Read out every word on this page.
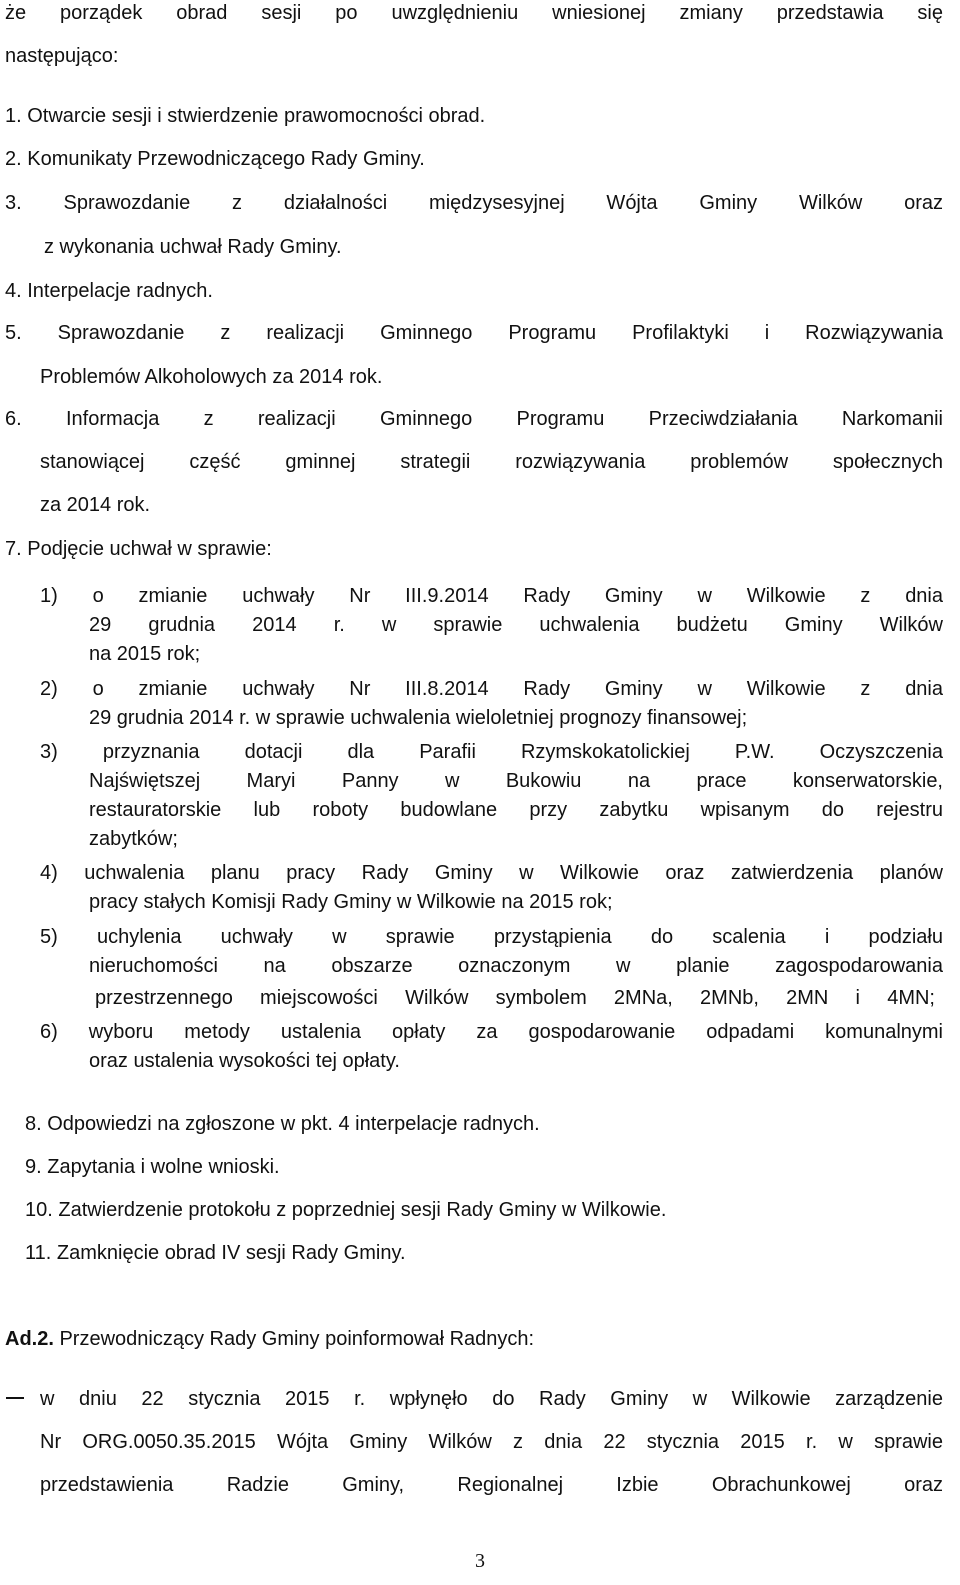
że porządek obrad sesji po uwzględnieniu wniesionej zmiany przedstawia się
następująco:
1. Otwarcie sesji i stwierdzenie prawomocności obrad.
2. Komunikaty Przewodniczącego Rady Gminy.
3. Sprawozdanie z działalności międzysesyjnej Wójta Gminy Wilków oraz
z wykonania uchwał Rady Gminy.
4. Interpelacje radnych.
5. Sprawozdanie z realizacji Gminnego Programu Profilaktyki i Rozwiązywania
Problemów Alkoholowych za 2014 rok.
6. Informacja z realizacji Gminnego Programu Przeciwdziałania Narkomanii
stanowiącej część gminnej strategii rozwiązywania problemów społecznych
za 2014 rok.
7. Podjęcie uchwał w sprawie:
1) o zmianie uchwały Nr III.9.2014 Rady Gminy w Wilkowie z dnia
29 grudnia 2014 r. w sprawie uchwalenia budżetu Gminy Wilków
na 2015 rok;
2) o zmianie uchwały Nr III.8.2014 Rady Gminy w Wilkowie z dnia
29 grudnia 2014 r. w sprawie uchwalenia wieloletniej prognozy finansowej;
3) przyznania dotacji dla Parafii Rzymskokatolickiej P.W. Oczyszczenia
Najświętszej Maryi Panny w Bukowiu na prace konserwatorskie,
restauratorskie lub roboty budowlane przy zabytku wpisanym do rejestru
zabytków;
4) uchwalenia planu pracy Rady Gminy w Wilkowie oraz zatwierdzenia planów
pracy stałych Komisji Rady Gminy w Wilkowie na 2015 rok;
5) uchylenia uchwały w sprawie przystąpienia do scalenia i podziału
nieruchomości na obszarze oznaczonym w planie zagospodarowania
przestrzennego miejscowości Wilków symbolem 2MNa, 2MNb, 2MN i 4MN;
6) wyboru metody ustalenia opłaty za gospodarowanie odpadami komunalnymi
oraz ustalenia wysokości tej opłaty.
8. Odpowiedzi na zgłoszone w pkt. 4 interpelacje radnych.
9. Zapytania i wolne wnioski.
10. Zatwierdzenie protokołu z poprzedniej sesji Rady Gminy w Wilkowie.
11. Zamknięcie obrad IV sesji Rady Gminy.
Ad.2. Przewodniczący Rady Gminy poinformował Radnych:
w dniu 22 stycznia 2015 r. wpłynęło do Rady Gminy w Wilkowie zarządzenie
Nr ORG.0050.35.2015 Wójta Gminy Wilków z dnia 22 stycznia 2015 r. w sprawie
przedstawienia Radzie Gminy, Regionalnej Izbie Obrachunkowej oraz
3
